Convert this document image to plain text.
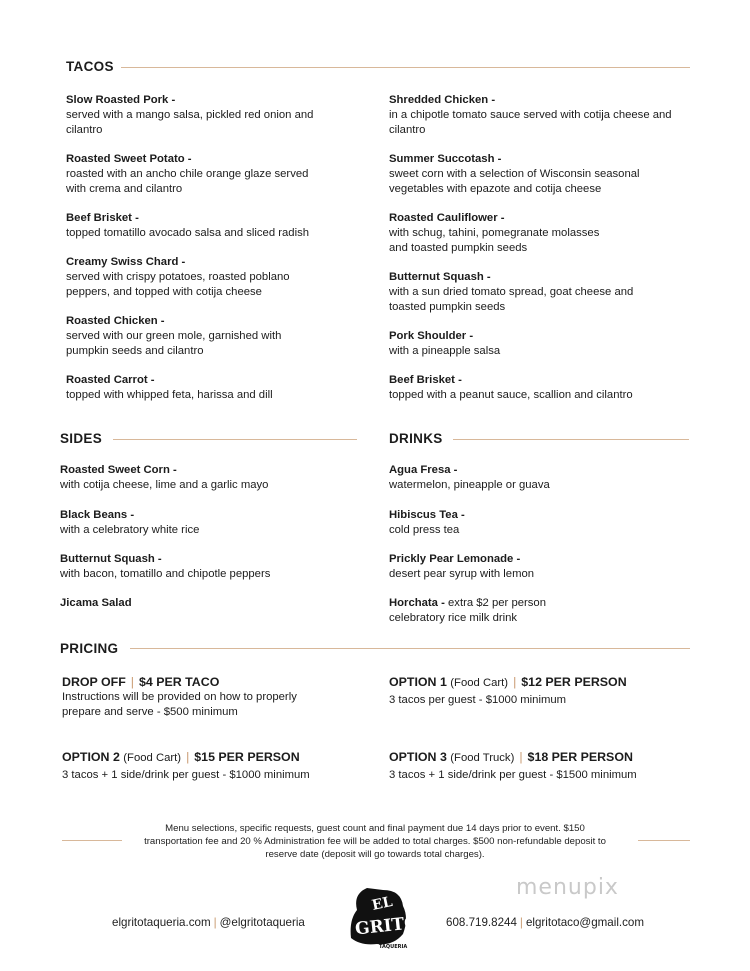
TACOS
Slow Roasted Pork -
served with a mango salsa, pickled red onion and cilantro
Roasted Sweet Potato -
roasted with an ancho chile orange glaze served with crema and cilantro
Beef Brisket -
topped tomatillo avocado salsa and sliced radish
Creamy Swiss Chard -
served with crispy potatoes, roasted poblano peppers, and topped with cotija cheese
Roasted Chicken -
served with our green mole, garnished with pumpkin seeds and cilantro
Roasted Carrot -
topped with whipped feta, harissa and dill
Shredded Chicken -
in a chipotle tomato sauce served with cotija cheese and cilantro
Summer Succotash -
sweet corn with a selection of Wisconsin seasonal vegetables with epazote and cotija cheese
Roasted Cauliflower -
with schug, tahini, pomegranate molasses and toasted pumpkin seeds
Butternut Squash -
with a sun dried tomato spread, goat cheese and toasted pumpkin seeds
Pork Shoulder -
with a pineapple salsa
Beef Brisket -
topped with a peanut sauce, scallion and cilantro
SIDES
Roasted Sweet Corn -
with cotija cheese, lime and a garlic mayo
Black Beans -
with a celebratory white rice
Butternut Squash -
with bacon, tomatillo and chipotle peppers
Jicama Salad
DRINKS
Agua Fresa -
watermelon, pineapple or guava
Hibiscus Tea -
cold press tea
Prickly Pear Lemonade -
desert pear syrup with lemon
Horchata - extra $2 per person
celebratory rice milk drink
PRICING
DROP OFF | $4 PER TACO
Instructions will be provided on how to properly prepare and serve - $500 minimum
OPTION 1 (Food Cart) | $12 PER PERSON
3 tacos per guest - $1000 minimum
OPTION 2 (Food Cart) | $15 PER PERSON
3 tacos + 1 side/drink per guest - $1000 minimum
OPTION 3 (Food Truck) | $18 PER PERSON
3 tacos + 1 side/drink per guest - $1500 minimum
Menu selections, specific requests, guest count and final payment due 14 days prior to event. $150 transportation fee and 20 % Administration fee will be added to total charges. $500 non-refundable deposit to reserve date (deposit will go towards total charges).
menupix
elgritotaqueria.com | @elgritotaqueria
EL
GRITO
TAQUERIA
608.719.8244 | elgritotaco@gmail.com
